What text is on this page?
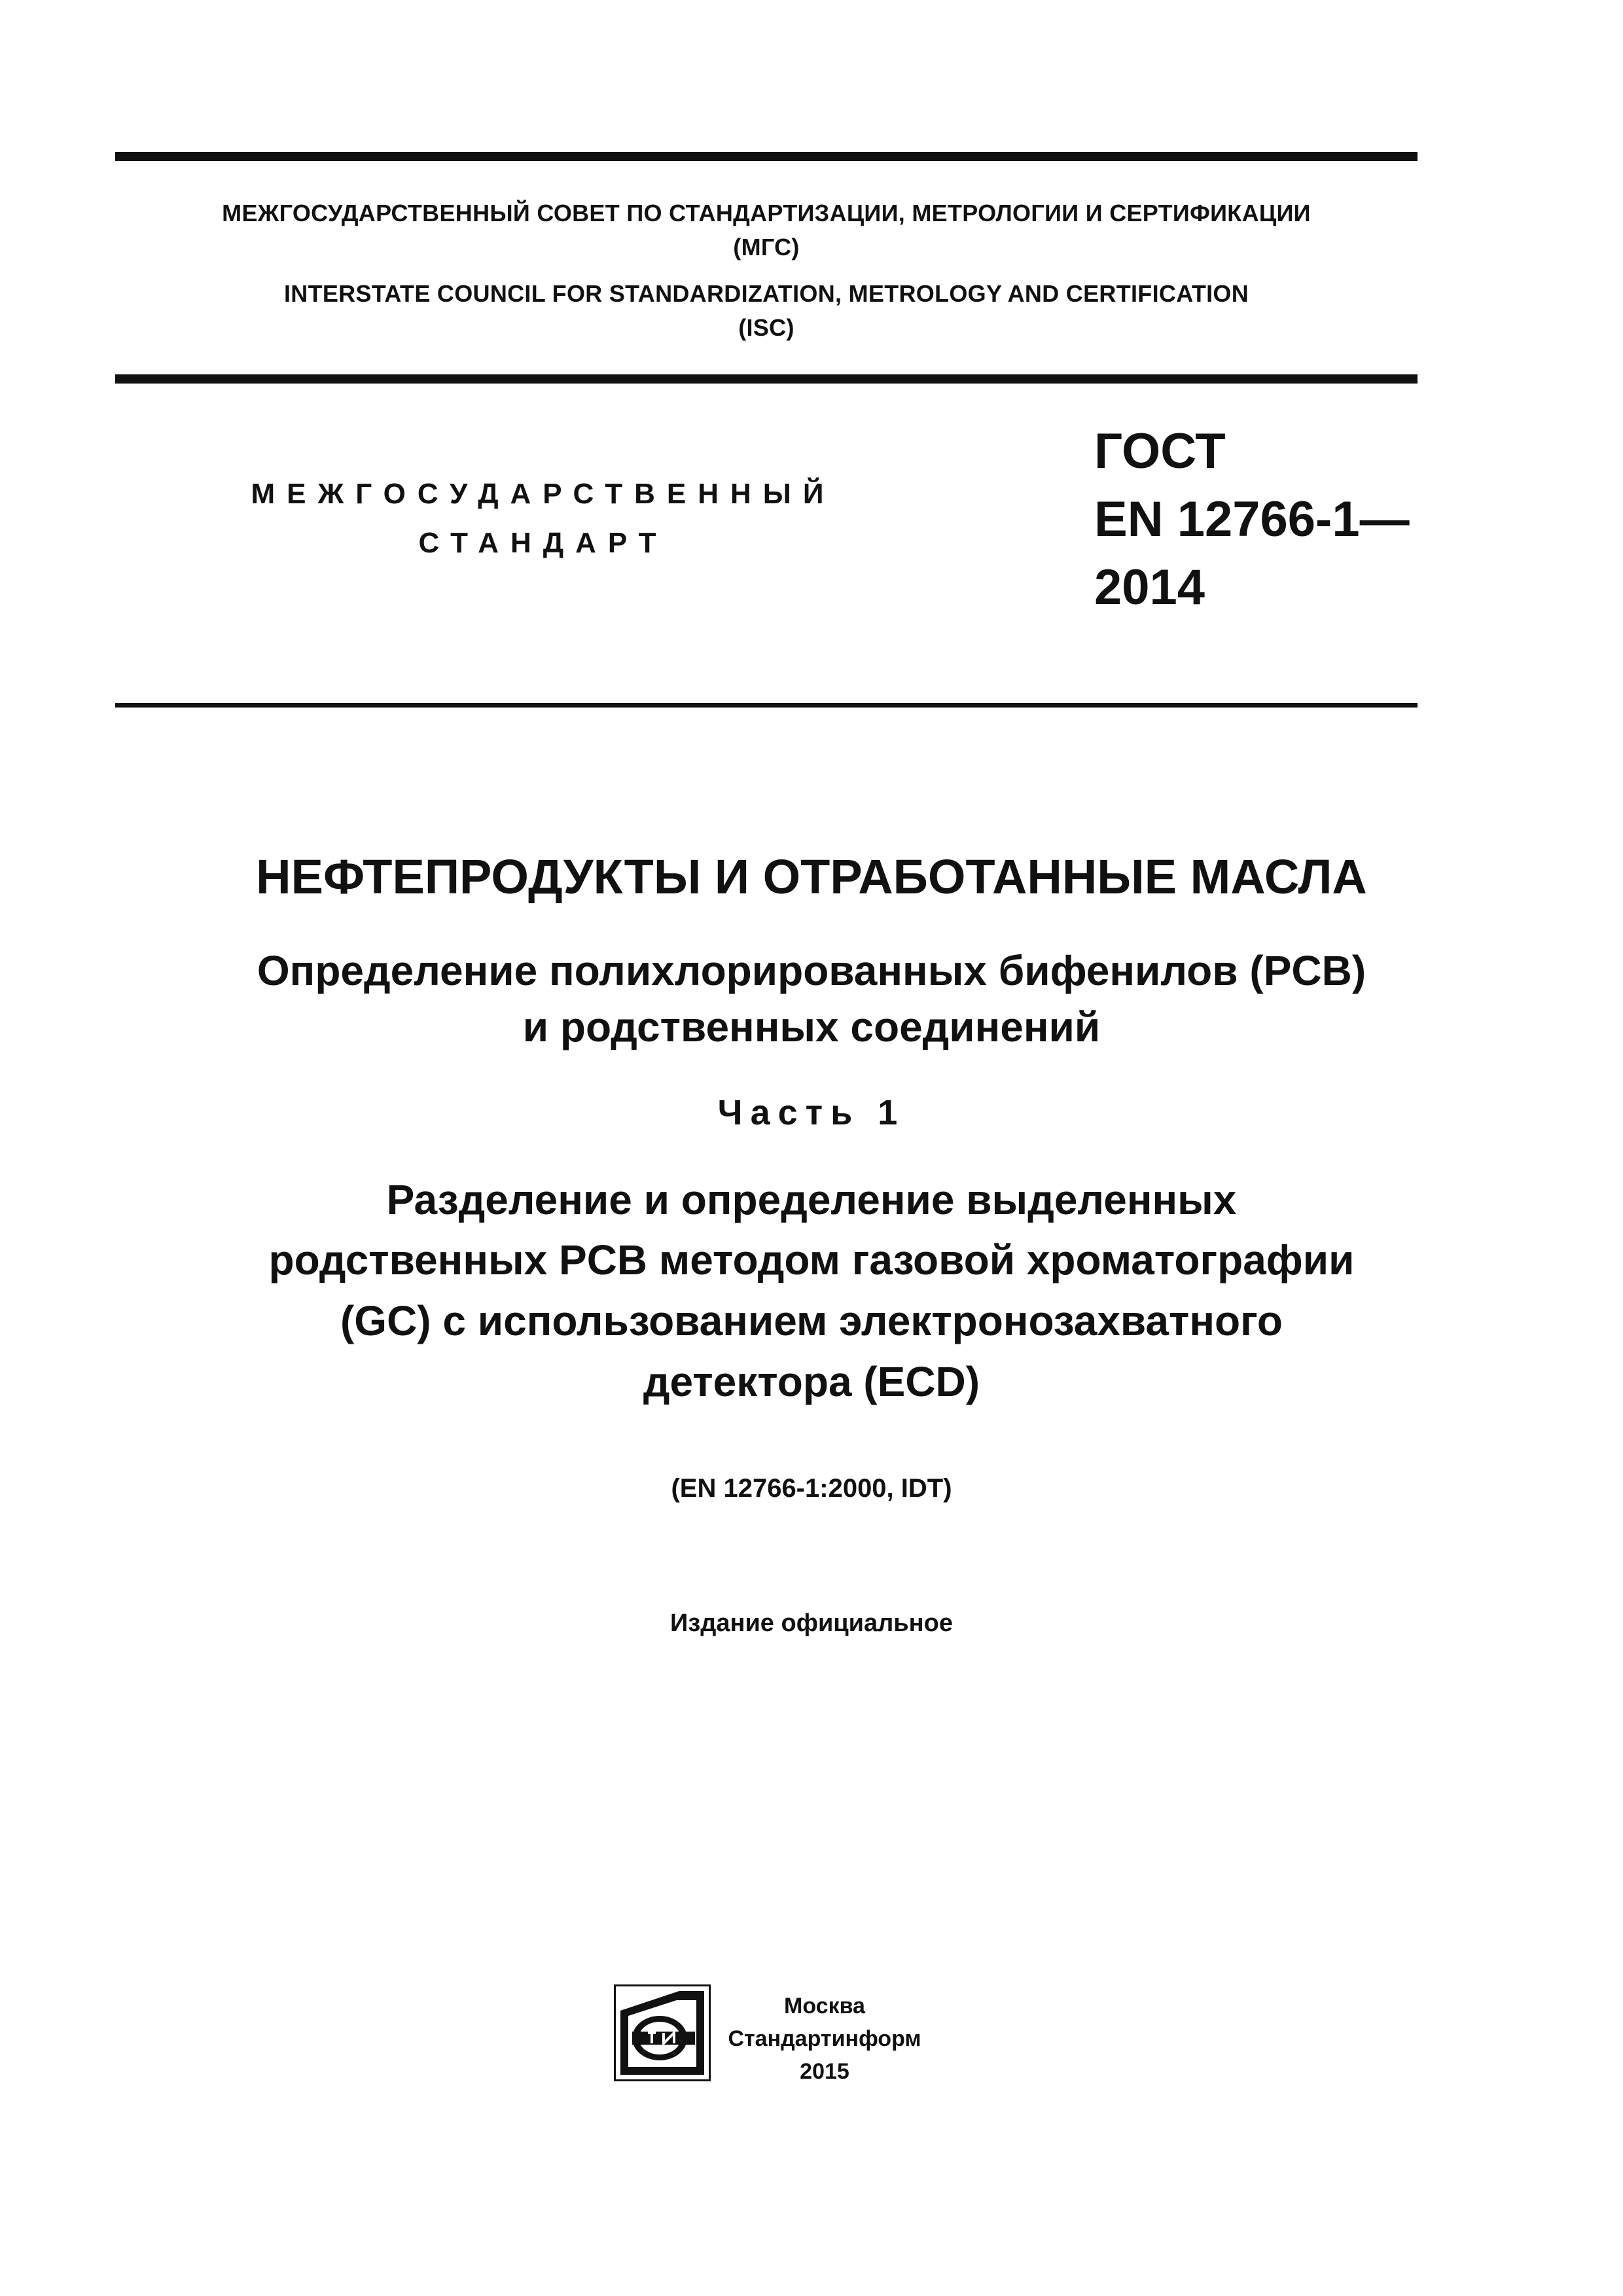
МЕЖГОСУДАРСТВЕННЫЙ СОВЕТ ПО СТАНДАРТИЗАЦИИ, МЕТРОЛОГИИ И СЕРТИФИКАЦИИ
(МГС)
INTERSTATE COUNCIL FOR STANDARDIZATION, METROLOGY AND CERTIFICATION
(ISC)
МЕЖГОСУДАРСТВЕННЫЙ
СТАНДАРТ
ГОСТ
EN 12766-1—
2014
НЕФТЕПРОДУКТЫ И ОТРАБОТАННЫЕ МАСЛА
Определение полихлорированных бифенилов (PCB)
и родственных соединений
Часть 1
Разделение и определение выделенных
родственных PCB методом газовой хроматографии
(GC) с использованием электронозахватного
детектора (ECD)
(EN 12766-1:2000, IDT)
Издание официальное
Москва
Стандартинформ
2015
